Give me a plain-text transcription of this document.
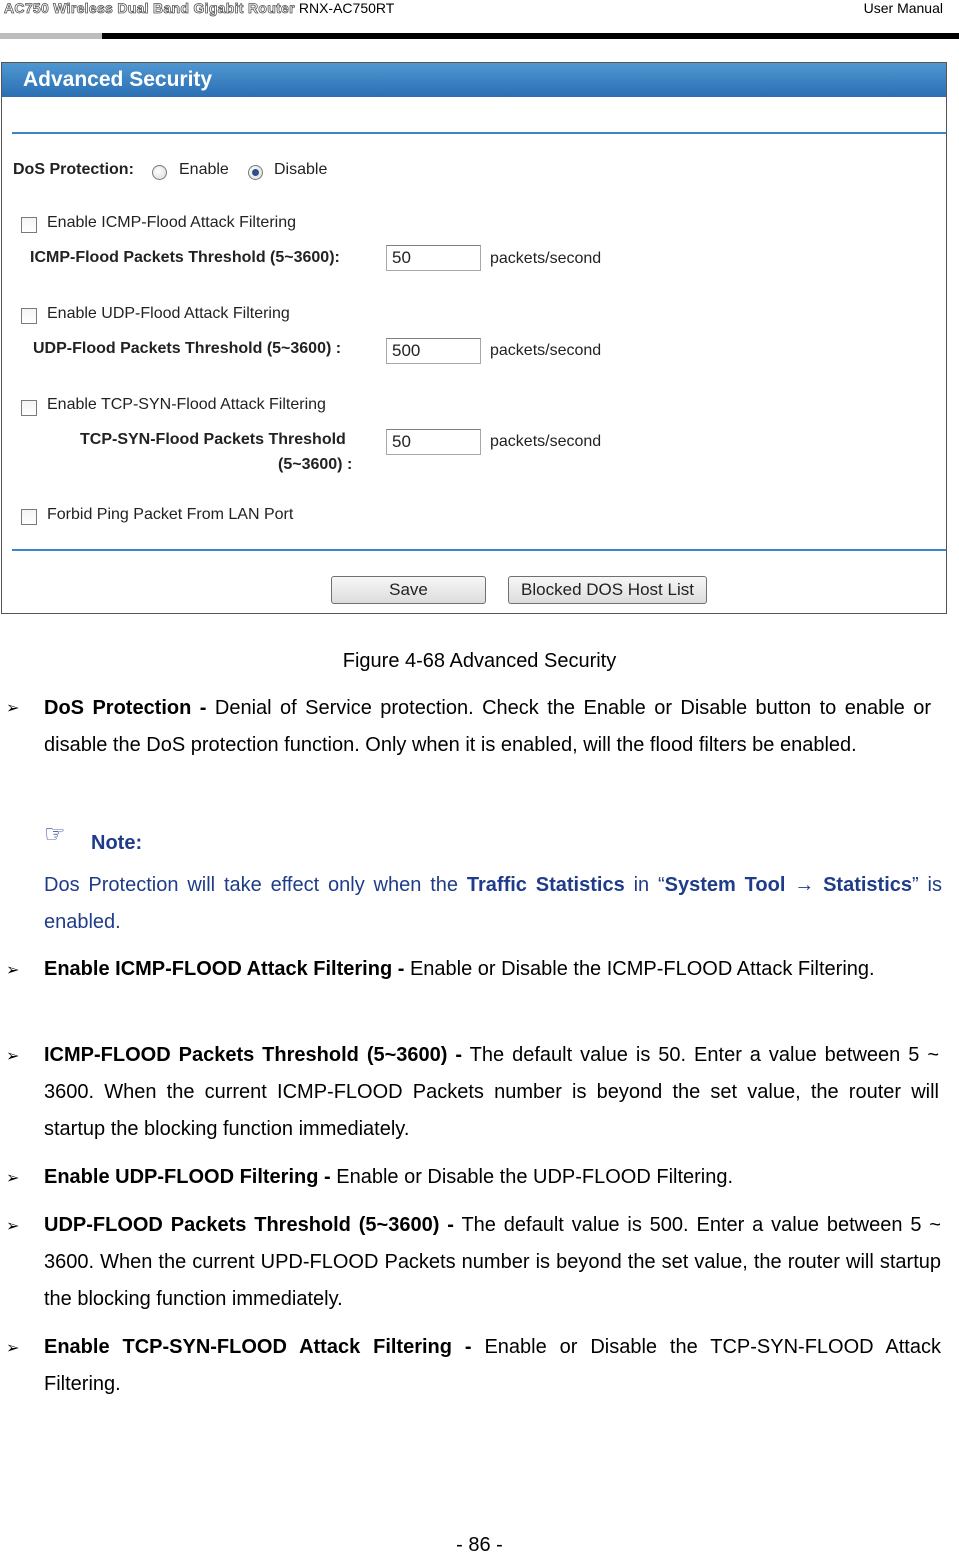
AC750 Wireless Dual Band Gigabit Router RNX-AC750RT	User Manual
Advanced Security
DoS Protection:	Enable	Disable
Enable ICMP-Flood Attack Filtering
ICMP-Flood Packets Threshold (5~3600):
50	packets/second
Enable UDP-Flood Attack Filtering
UDP-Flood Packets Threshold (5~3600) :
500	packets/second
Enable TCP-SYN-Flood Attack Filtering
TCP-SYN-Flood Packets Threshold
(5~3600) :
50
packets/second
Forbid Ping Packet From LAN Port
Save	Blocked DOS Host List
Figure 4-68 Advanced Security
➢ DoS Protection - Denial of Service protection. Check the Enable or Disable button to enable or disable the DoS protection function. Only when it is enabled, will the flood filters be enabled.
☞ Note:
Dos Protection will take effect only when the Traffic Statistics in “System Tool → Statistics” is enabled.
➢ Enable ICMP-FLOOD Attack Filtering - Enable or Disable the ICMP-FLOOD Attack Filtering.
➢ ICMP-FLOOD Packets Threshold (5~3600) - The default value is 50. Enter a value between 5 ~ 3600. When the current ICMP-FLOOD Packets number is beyond the set value, the router will startup the blocking function immediately.
➢ Enable UDP-FLOOD Filtering - Enable or Disable the UDP-FLOOD Filtering.
➢ UDP-FLOOD Packets Threshold (5~3600) - The default value is 500. Enter a value between 5 ~ 3600. When the current UPD-FLOOD Packets number is beyond the set value, the router will startup the blocking function immediately.
➢ Enable TCP-SYN-FLOOD Attack Filtering - Enable or Disable the TCP-SYN-FLOOD Attack Filtering.
- 86 -
